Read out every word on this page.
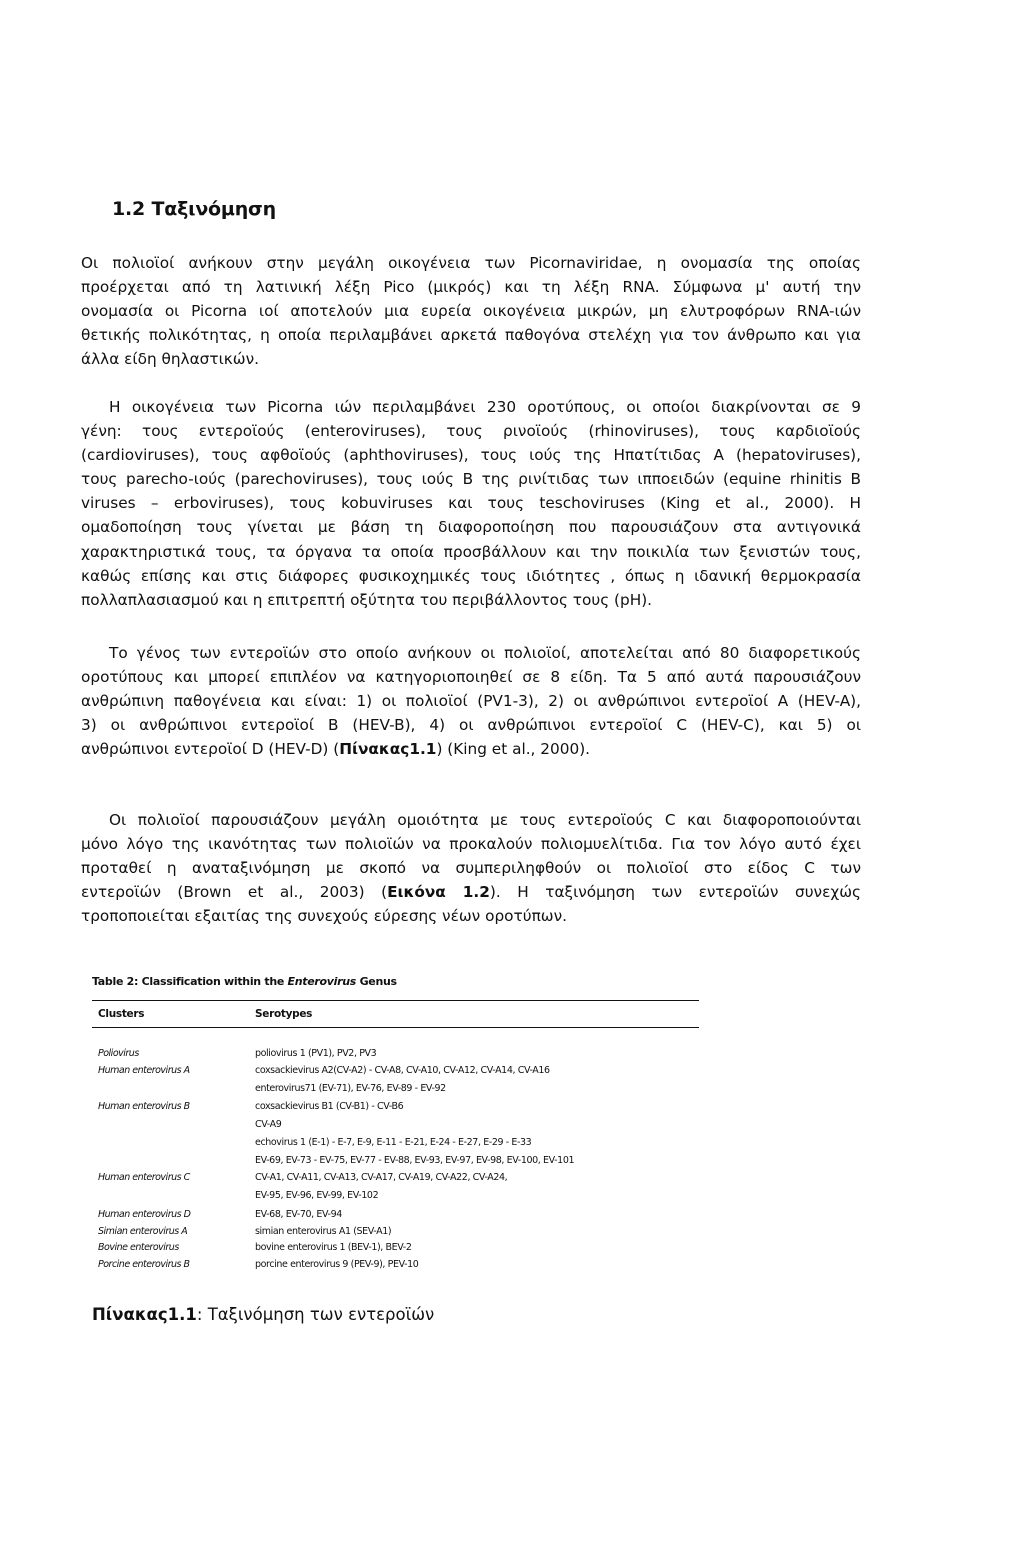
1.2 Ταξινόμηση
Οι πολιοϊοί ανήκουν στην μεγάλη οικογένεια των Picornaviridae, η ονομασία της οποίας
προέρχεται από τη λατινική λέξη Pico (μικρός) και τη λέξη RNA. Σύμφωνα μ' αυτή την
ονομασία οι Picorna ιοί αποτελούν μια ευρεία οικογένεια μικρών, μη ελυτροφόρων RNA-ιών
θετικής πολικότητας, η οποία περιλαμβάνει αρκετά παθογόνα στελέχη για τον άνθρωπο και για
άλλα είδη θηλαστικών.
Η οικογένεια των Picorna ιών περιλαμβάνει 230 οροτύπους, οι οποίοι διακρίνονται σε 9
γένη: τους εντεροϊούς (enteroviruses), τους ρινοϊούς (rhinoviruses), τους καρδιοϊούς
(cardioviruses), τους αφθοϊούς (aphthoviruses), τους ιούς της Ηπατίτιδας Α (hepatoviruses),
τους parecho-ιούς (parechoviruses), τους ιούς Β της ρινίτιδας των ιπποειδών (equine rhinitis B
viruses – erboviruses), τους kobuviruses και τους teschoviruses (King et al., 2000). Η
ομαδοποίηση τους γίνεται με βάση τη διαφοροποίηση που παρουσιάζουν στα αντιγονικά
χαρακτηριστικά τους, τα όργανα τα οποία προσβάλλουν και την ποικιλία των ξενιστών τους,
καθώς επίσης και στις διάφορες φυσικοχημικές τους ιδιότητες , όπως η ιδανική θερμοκρασία
πολλαπλασιασμού και η επιτρεπτή οξύτητα του περιβάλλοντος τους (pH).
Το γένος των εντεροϊών στο οποίο ανήκουν οι πολιοϊοί, αποτελείται από 80 διαφορετικούς
οροτύπους και μπορεί επιπλέον να κατηγοριοποιηθεί σε 8 είδη. Τα 5 από αυτά παρουσιάζουν
ανθρώπινη παθογένεια και είναι: 1) οι πολιοϊοί (PV1-3), 2) οι ανθρώπινοι εντεροϊοί Α (HEV-A),
3) οι ανθρώπινοι εντεροϊοί Β (HEV-B), 4) οι ανθρώπινοι εντεροϊοί C (HEV-C), και 5) οι
ανθρώπινοι εντεροϊοί D (HEV-D) (Πίνακας1.1) (King et al., 2000).
Οι πολιοϊοί παρουσιάζουν μεγάλη ομοιότητα με τους εντεροϊούς C και διαφοροποιούνται
μόνο λόγο της ικανότητας των πολιοϊών να προκαλούν πολιομυελίτιδα. Για τον λόγο αυτό έχει
προταθεί η αναταξινόμηση με σκοπό να συμπεριληφθούν οι πολιοϊοί στο είδος C των
εντεροϊών (Brown et al., 2003) (Εικόνα 1.2). Η ταξινόμηση των εντεροϊών συνεχώς
τροποποιείται εξαιτίας της συνεχούς εύρεσης νέων οροτύπων.
Table 2: Classification within the Enterovirus Genus
Clusters	Serotypes
Poliovirus
Human enterovirus A
Human enterovirus B
Human enterovirus C
Human enterovirus D
Simian enterovirus A
Bovine enterovirus
Porcine enterovirus B
poliovirus 1 (PV1), PV2, PV3
coxsackievirus A2(CV-A2) - CV-A8, CV-A10, CV-A12, CV-A14, CV-A16
enterovirus71 (EV-71), EV-76, EV-89 - EV-92
coxsackievirus B1 (CV-B1) - CV-B6
CV-A9
echovirus 1 (E-1) - E-7, E-9, E-11 - E-21, E-24 - E-27, E-29 - E-33
EV-69, EV-73 - EV-75, EV-77 - EV-88, EV-93, EV-97, EV-98, EV-100, EV-101
CV-A1, CV-A11, CV-A13, CV-A17, CV-A19, CV-A22, CV-A24,
EV-95, EV-96, EV-99, EV-102
EV-68, EV-70, EV-94
simian enterovirus A1 (SEV-A1)
bovine enterovirus 1 (BEV-1), BEV-2
porcine enterovirus 9 (PEV-9), PEV-10
Πίνακας1.1: Ταξινόμηση των εντεροϊών
